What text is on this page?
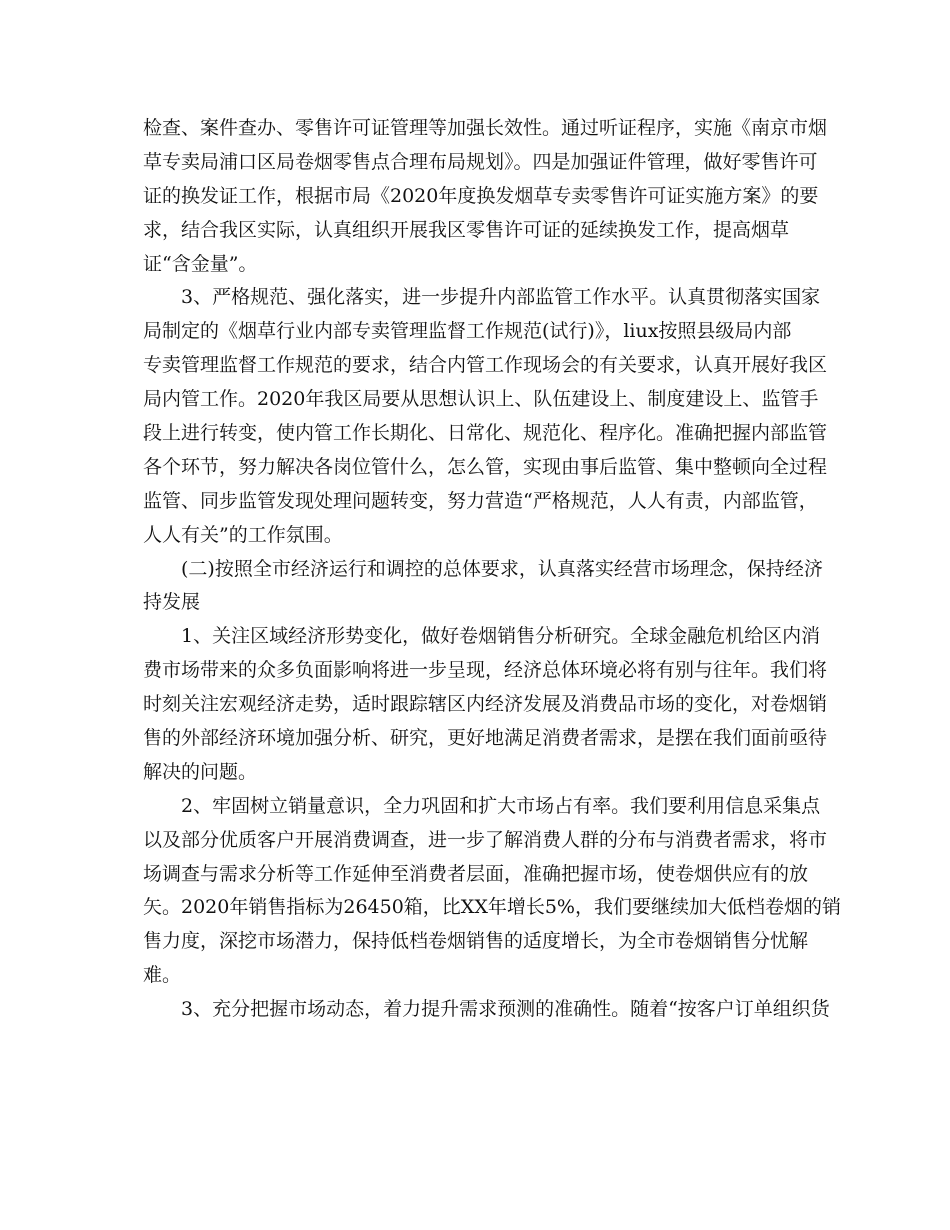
检查、案件查办、零售许可证管理等加强长效性。通过听证程序，实施《南京市烟
草专卖局浦口区局卷烟零售点合理布局规划》。四是加强证件管理，做好零售许可
证的换发证工作，根据市局《2020年度换发烟草专卖零售许可证实施方案》的要
求，结合我区实际，认真组织开展我区零售许可证的延续换发工作，提高烟草
证“含金量”。
　　3、严格规范、强化落实，进一步提升内部监管工作水平。认真贯彻落实国家
局制定的《烟草行业内部专卖管理监督工作规范(试行)》，liux按照县级局内部
专卖管理监督工作规范的要求，结合内管工作现场会的有关要求，认真开展好我区
局内管工作。2020年我区局要从思想认识上、队伍建设上、制度建设上、监管手
段上进行转变，使内管工作长期化、日常化、规范化、程序化。准确把握内部监管
各个环节，努力解决各岗位管什么，怎么管，实现由事后监管、集中整顿向全过程
监管、同步监管发现处理问题转变，努力营造“严格规范，人人有责，内部监管，
人人有关”的工作氛围。
　　(二)按照全市经济运行和调控的总体要求，认真落实经营市场理念，保持经济
持发展
　　1、关注区域经济形势变化，做好卷烟销售分析研究。全球金融危机给区内消
费市场带来的众多负面影响将进一步呈现，经济总体环境必将有别与往年。我们将
时刻关注宏观经济走势，适时跟踪辖区内经济发展及消费品市场的变化，对卷烟销
售的外部经济环境加强分析、研究，更好地满足消费者需求，是摆在我们面前亟待
解决的问题。
　　2、牢固树立销量意识，全力巩固和扩大市场占有率。我们要利用信息采集点
以及部分优质客户开展消费调查，进一步了解消费人群的分布与消费者需求，将市
场调查与需求分析等工作延伸至消费者层面，准确把握市场，使卷烟供应有的放
矢。2020年销售指标为26450箱，比XX年增长5%，我们要继续加大低档卷烟的销
售力度，深挖市场潜力，保持低档卷烟销售的适度增长，为全市卷烟销售分忧解
难。
　　3、充分把握市场动态，着力提升需求预测的准确性。随着“按客户订单组织货
